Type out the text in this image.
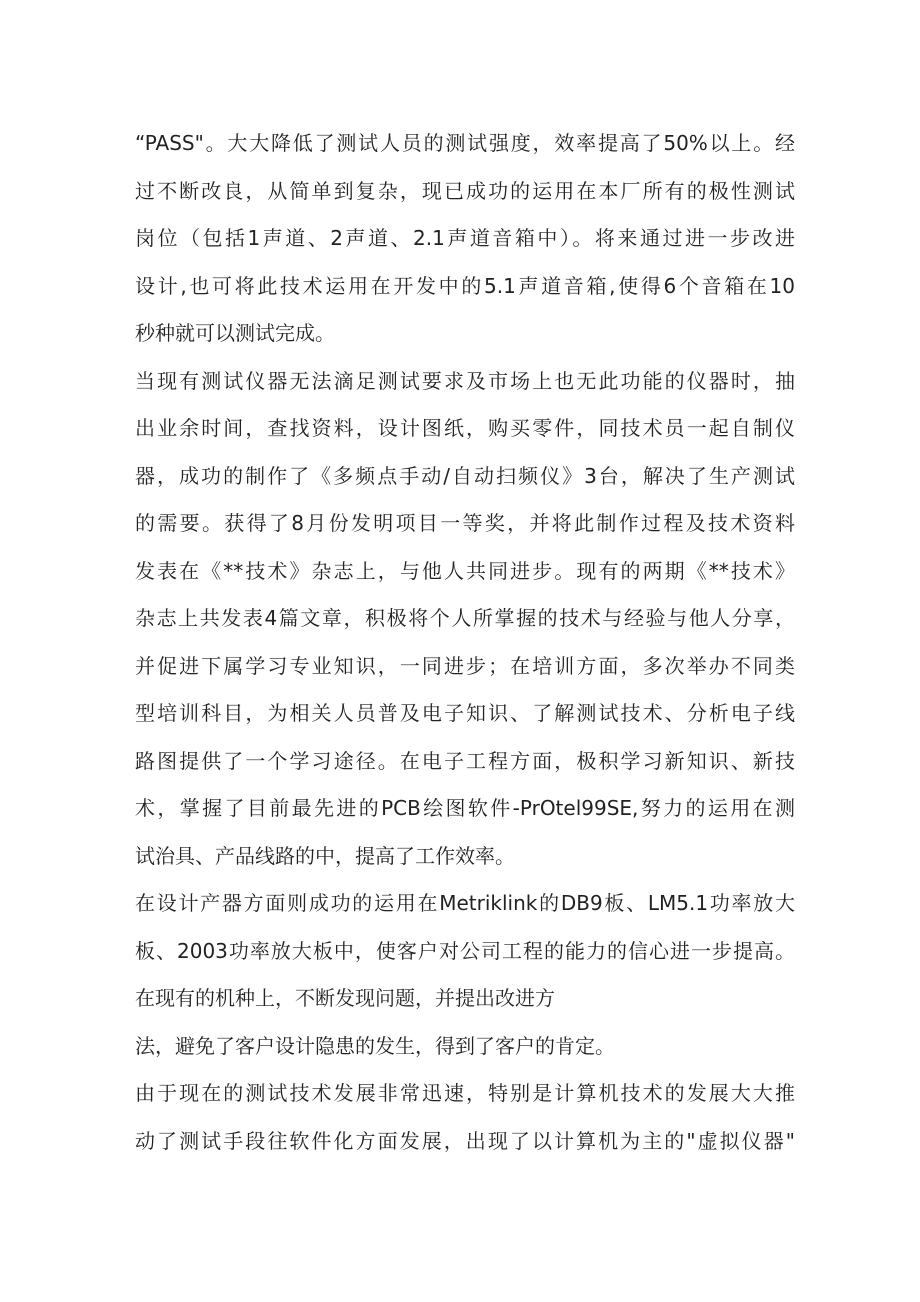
“PASS"。大大降低了测试人员的测试强度，效率提高了50%以上。经
过不断改良，从简单到复杂，现已成功的运用在本厂所有的极性测试
岗位（包括1声道、2声道、2.1声道音箱中）。将来通过进一步改进
设计,也可将此技术运用在开发中的5.1声道音箱,使得6个音箱在10
秒种就可以测试完成。
当现有测试仪器无法滴足测试要求及市场上也无此功能的仪器时，抽
出业余时间，查找资料，设计图纸，购买零件，同技术员一起自制仪
器，成功的制作了《多频点手动/自动扫频仪》3台，解决了生产测试
的需要。获得了8月份发明项目一等奖，并将此制作过程及技术资料
发表在《**技术》杂志上，与他人共同进步。现有的两期《**技术》
杂志上共发表4篇文章，积极将个人所掌握的技术与经验与他人分享，
并促进下属学习专业知识，一同进步；在培训方面，多次举办不同类
型培训科目，为相关人员普及电子知识、了解测试技术、分析电子线
路图提供了一个学习途径。在电子工程方面，极积学习新知识、新技
术，掌握了目前最先进的PCB绘图软件-PrOtel99SE,努力的运用在测
试治具、产品线路的中，提高了工作效率。
在设计产器方面则成功的运用在Metriklink的DB9板、LM5.1功率放大
板、2003功率放大板中，使客户对公司工程的能力的信心进一步提高。
在现有的机种上，不断发现问题，并提出改进方
法，避免了客户设计隐患的发生，得到了客户的肯定。
由于现在的测试技术发展非常迅速，特别是计算机技术的发展大大推
动了测试手段往软件化方面发展，出现了以计算机为主的"虚拟仪器"
